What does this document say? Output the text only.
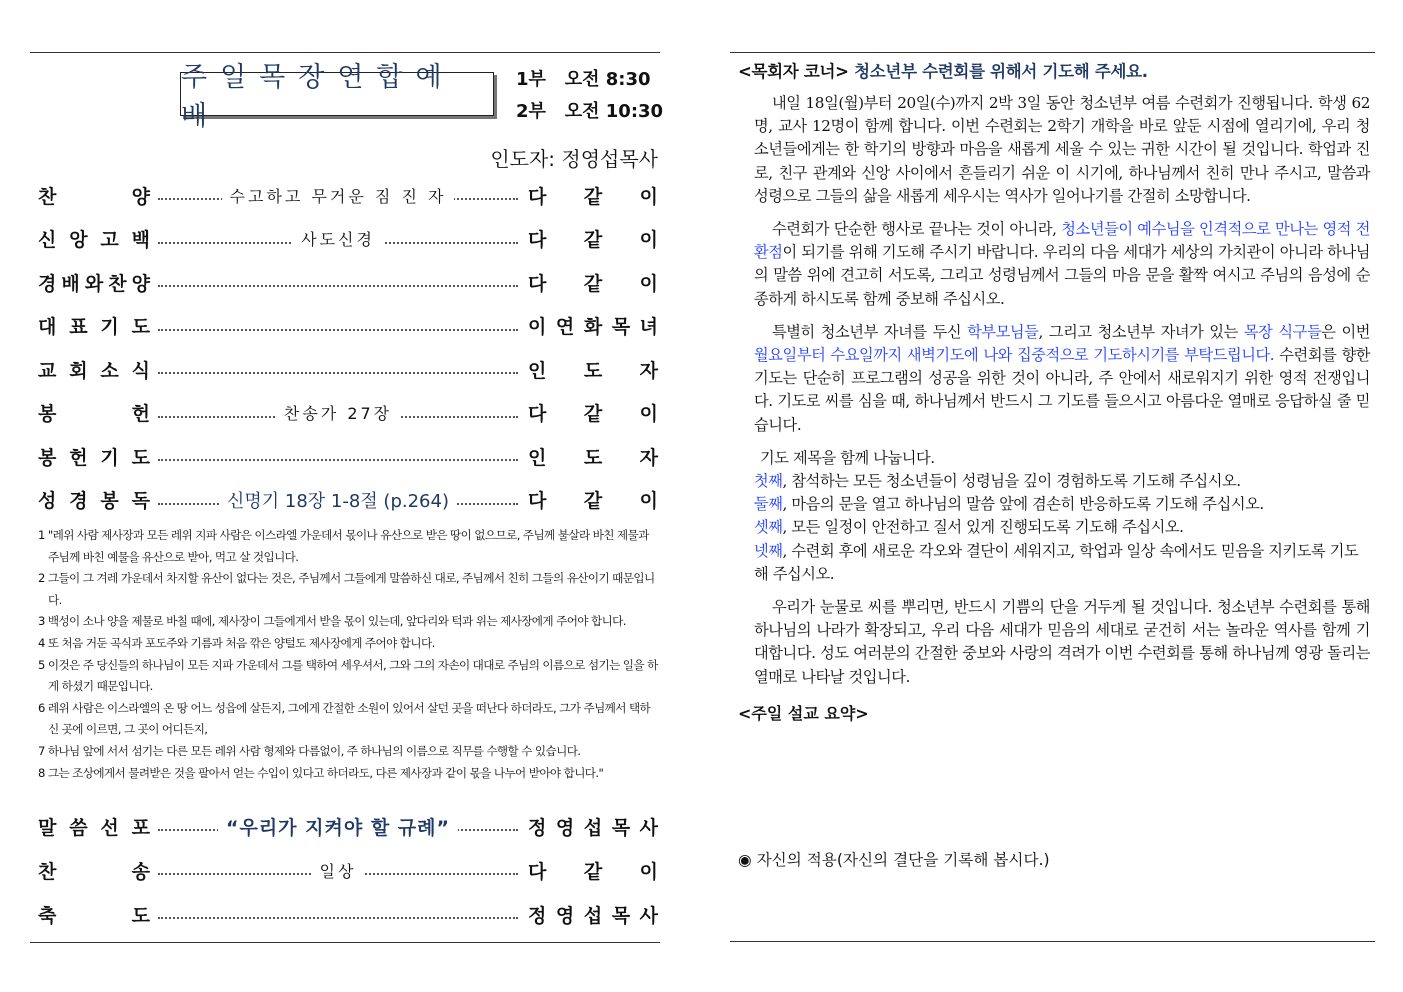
주일목장연합예배
1부 오전 8:30
2부 오전 10:30
인도자: 정영섭목사

1 "레위 사람 제사장과 모든 레위 지파 사람은 이스라엘 가운데서 몫이나 유산으로 받은 땅이 없으므로, 주님께 불살라 바친 제물과 주님께 바친 예물을 유산으로 받아, 먹고 살 것입니다.

2 그들이 그 겨레 가운데서 차지할 유산이 없다는 것은, 주님께서 그들에게 말씀하신 대로, 주님께서 친히 그들의 유산이기 때문입니다.

3 백성이 소나 양을 제물로 바칠 때에, 제사장이 그들에게서 받을 몫이 있는데, 앞다리와 턱과 위는 제사장에게 주어야 합니다.

4 또 처음 거둔 곡식과 포도주와 기름과 처음 깎은 양털도 제사장에게 주어야 합니다.

5 이것은 주 당신들의 하나님이 모든 지파 가운데서 그를 택하여 세우셔서, 그와 그의 자손이 대대로 주님의 이름으로 섬기는 일을 하게 하셨기 때문입니다.

6 레위 사람은 이스라엘의 온 땅 어느 성읍에 살든지, 그에게 간절한 소원이 있어서 살던 곳을 떠난다 하더라도, 그가 주님께서 택하신 곳에 이르면, 그 곳이 어디든지,

7 하나님 앞에 서서 섬기는 다른 모든 레위 사람 형제와 다름없이, 주 하나님의 이름으로 직무를 수행할 수 있습니다.

8 그는 조상에게서 물려받은 것을 팔아서 얻는 수입이 있다고 하더라도, 다른 제사장과 같이 몫을 나누어 받아야 합니다."

찬	양	수고하고 무거운 짐 진 자	다 같 이
신 앙 고 백	사도신경	다 같 이
경 배 와 찬 양	다 같 이
대 표 기 도	이 연 화 목 녀
교 회 소 식	인 도 자
봉	헌	찬송가 27장	다 같 이
봉 헌 기 도	인 도 자
성 경 봉 독	신명기 18장 1-8절 (p.264)	다 같 이
말 씀 선 포	“우리가 지켜야 할 규례”	정 영 섭 목 사
찬	송	일상	다 같 이
축	도	정 영 섭 목 사
<목회자 코너> 청소년부 수련회를 위해서 기도해 주세요.

내일 18일(월)부터 20일(수)까지 2박 3일 동안 청소년부 여름 수련회가 진행됩니다. 학생 62명, 교사 12명이 함께 합니다. 이번 수련회는 2학기 개학을 바로 앞둔 시점에 열리기에, 우리 청소년들에게는 한 학기의 방향과 마음을 새롭게 세울 수 있는 귀한 시간이 될 것입니다. 학업과 진로, 친구 관계와 신앙 사이에서 흔들리기 쉬운 이 시기에, 하나님께서 친히 만나 주시고, 말씀과 성령으로 그들의 삶을 새롭게 세우시는 역사가 일어나기를 간절히 소망합니다.

수련회가 단순한 행사로 끝나는 것이 아니라, 청소년들이 예수님을 인격적으로 만나는 영적 전환점이 되기를 위해 기도해 주시기 바랍니다. 우리의 다음 세대가 세상의 가치관이 아니라 하나님의 말씀 위에 견고히 서도록, 그리고 성령님께서 그들의 마음 문을 활짝 여시고 주님의 음성에 순종하게 하시도록 함께 중보해 주십시오.

특별히 청소년부 자녀를 두신 학부모님들, 그리고 청소년부 자녀가 있는 목장 식구들은 이번 월요일부터 수요일까지 새벽기도에 나와 집중적으로 기도하시기를 부탁드립니다. 수련회를 향한 기도는 단순히 프로그램의 성공을 위한 것이 아니라, 주 안에서 새로워지기 위한 영적 전쟁입니다. 기도로 씨를 심을 때, 하나님께서 반드시 그 기도를 들으시고 아름다운 열매로 응답하실 줄 믿습니다.

기도 제목을 함께 나눕니다.
첫째, 참석하는 모든 청소년들이 성령님을 깊이 경험하도록 기도해 주십시오.
둘째, 마음의 문을 열고 하나님의 말씀 앞에 겸손히 반응하도록 기도해 주십시오.
셋째, 모든 일정이 안전하고 질서 있게 진행되도록 기도해 주십시오.
넷째, 수련회 후에 새로운 각오와 결단이 세워지고, 학업과 일상 속에서도 믿음을 지키도록 기도해 주십시오.

우리가 눈물로 씨를 뿌리면, 반드시 기쁨의 단을 거두게 될 것입니다. 청소년부 수련회를 통해 하나님의 나라가 확장되고, 우리 다음 세대가 믿음의 세대로 굳건히 서는 놀라운 역사를 함께 기대합니다. 성도 여러분의 간절한 중보와 사랑의 격려가 이번 수련회를 통해 하나님께 영광 돌리는 열매로 나타날 것입니다.

<주일 설교 요약>
◉ 자신의 적용(자신의 결단을 기록해 봅시다.)
